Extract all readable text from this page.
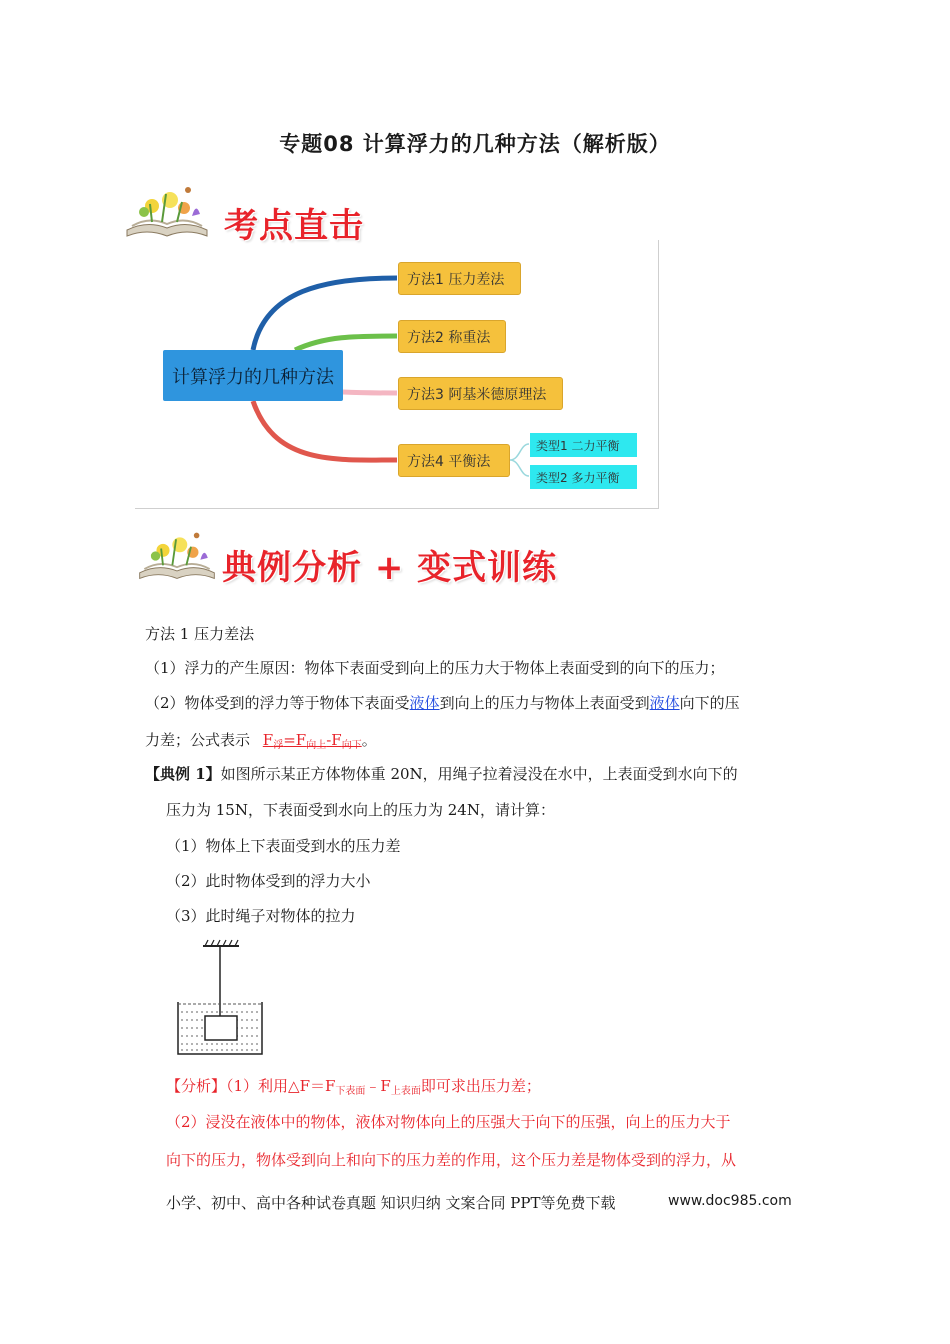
专题08 计算浮力的几种方法（解析版）
考点直击
计算浮力的几种方法
方法1 压力差法
方法2 称重法
方法3 阿基米德原理法
方法4 平衡法
类型1 二力平衡
类型2 多力平衡
典例分析 + 变式训练
方法 1 压力差法
（1）浮力的产生原因：物体下表面受到向上的压力大于物体上表面受到的向下的压力；
（2）物体受到的浮力等于物体下表面受液体到向上的压力与物体上表面受到液体向下的压
力差；公式表示 $F_浮=F_{向上}-F_{向下}$。
【典例 1】如图所示某正方体物体重 20N，用绳子拉着浸没在水中，上表面受到水向下的
压力为 15N，下表面受到水向上的压力为 24N，请计算：
（1）物体上下表面受到水的压力差
（2）此时物体受到的浮力大小
（3）此时绳子对物体的拉力
【分析】（1）利用$\triangle F=F_{下表面}﹣F_{上表面}$即可求出压力差；
（2）浸没在液体中的物体，液体对物体向上的压强大于向下的压强，向上的压力大于
向下的压力，物体受到向上和向下的压力差的作用，这个压力差是物体受到的浮力，从
小学、初中、高中各种试卷真题 知识归纳 文案合同 PPT等免费下载	www.doc985.com
